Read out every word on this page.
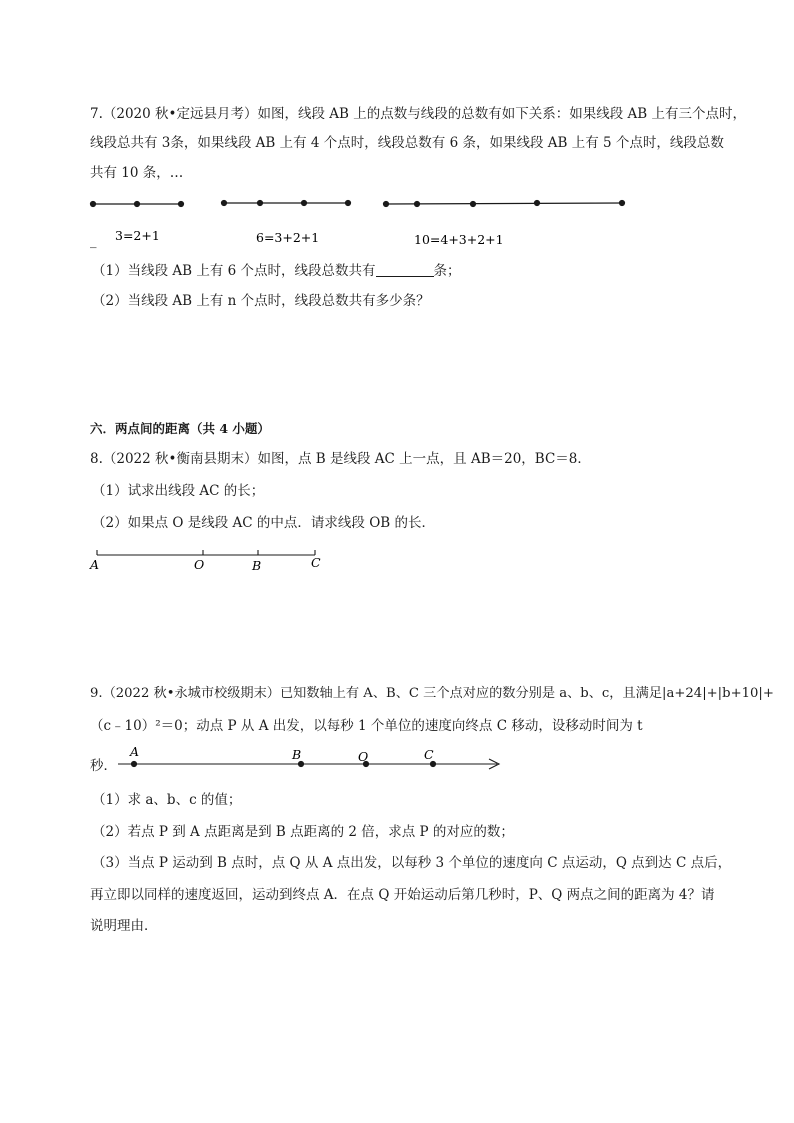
7.（2020 秋•定远县月考）如图，线段 AB 上的点数与线段的总数有如下关系：如果线段 AB 上有三个点时，
线段总共有 3条，如果线段 AB 上有 4 个点时，线段总数有 6 条，如果线段 AB 上有 5 个点时，线段总数
共有 10 条，…
_ 3=2+1	6=3+2+1	10=4+3+2+1
（1）当线段 AB 上有 6 个点时，线段总数共有	条；
（2）当线段 AB 上有 n 个点时，线段总数共有多少条？
六．两点间的距离（共 4 小题）
8.（2022 秋•衡南县期末）如图，点 B 是线段 AC 上一点，且 AB＝20，BC＝8．
（1）试求出线段 AC 的长；
（2）如果点 O 是线段 AC 的中点．请求线段 OB 的长．
A	O	B	C
9.（2022 秋•永城市校级期末）已知数轴上有 A、B、C 三个点对应的数分别是 a、b、c，且满足|a+24|+|b+10|+
（c﹣10）²＝0；动点 P 从 A 出发，以每秒 1 个单位的速度向终点 C 移动，设移动时间为 t
秒．
A	B	O	C
（1）求 a、b、c 的值；
（2）若点 P 到 A 点距离是到 B 点距离的 2 倍，求点 P 的对应的数；
（3）当点 P 运动到 B 点时，点 Q 从 A 点出发，以每秒 3 个单位的速度向 C 点运动，Q 点到达 C 点后，
再立即以同样的速度返回，运动到终点 A．在点 Q 开始运动后第几秒时，P、Q 两点之间的距离为 4？请
说明理由．
